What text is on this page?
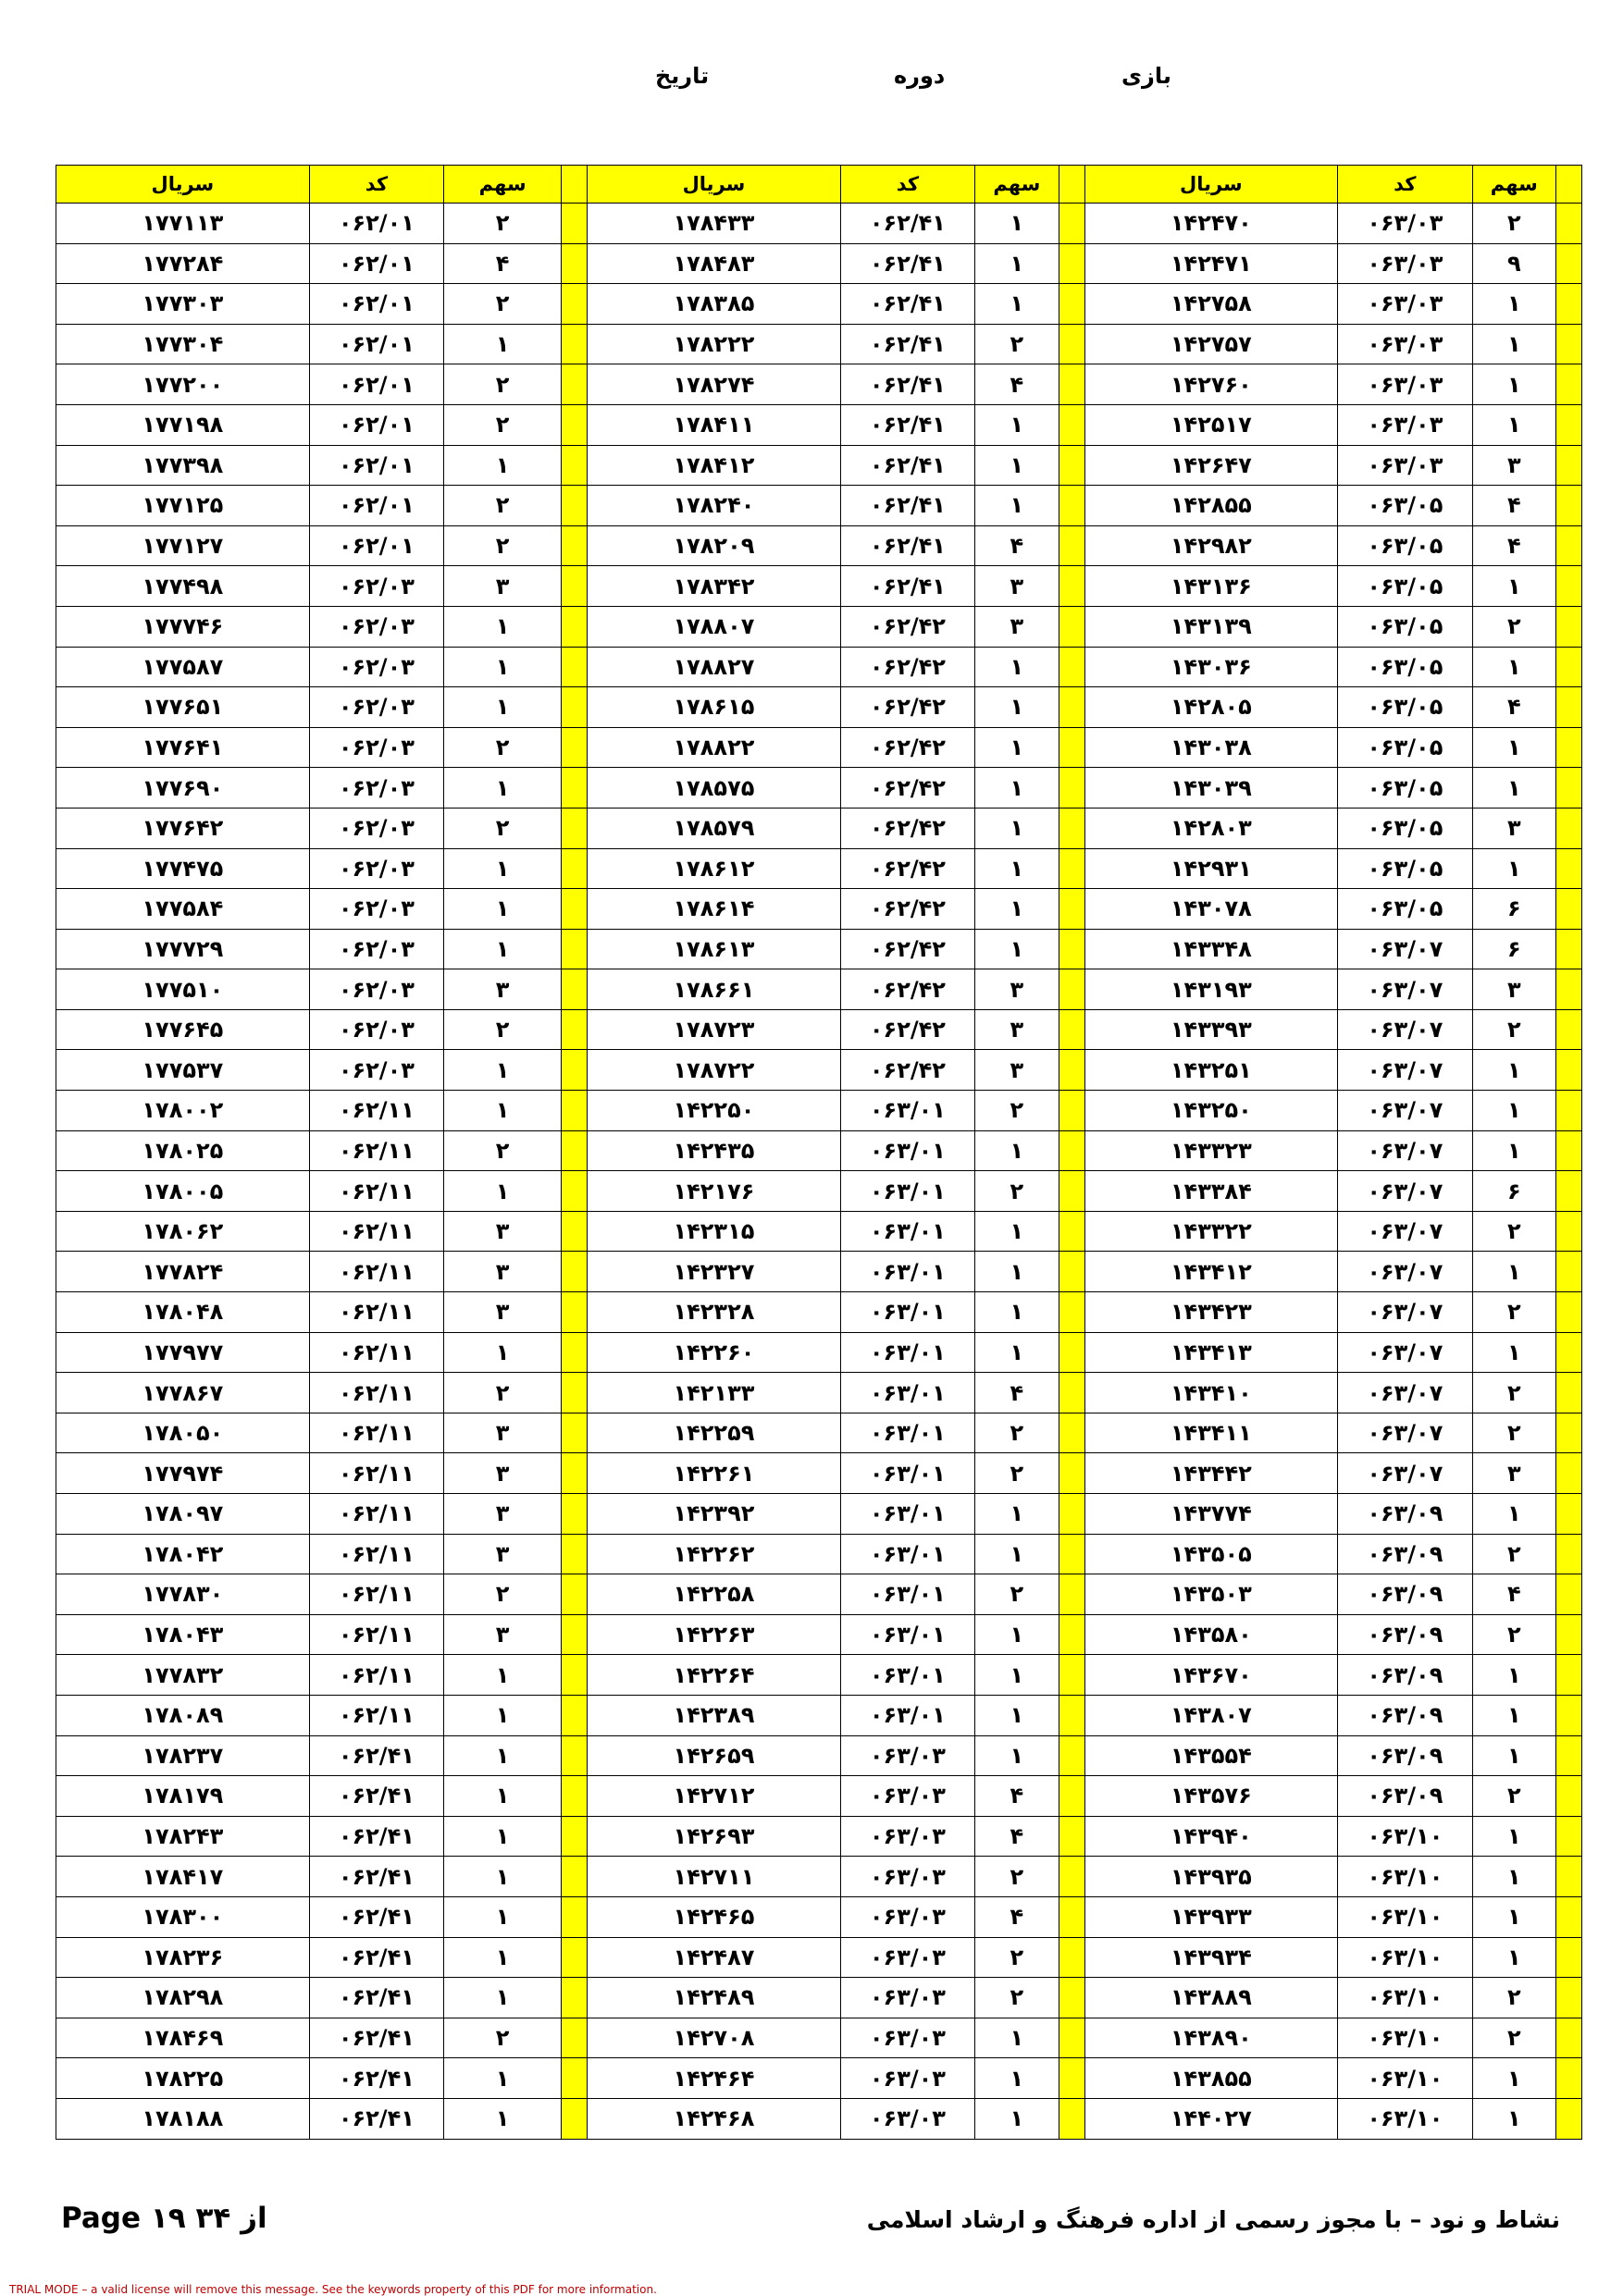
بازی
دوره
تاریخ
	سهم	کد	سریال		سهم	کد	سریال		سهم	کد	سریال
	۲	۰۶۳/۰۳	۱۴۲۴۷۰		۱	۰۶۲/۴۱	۱۷۸۴۳۳		۲	۰۶۲/۰۱	۱۷۷۱۱۳
	۹	۰۶۳/۰۳	۱۴۲۴۷۱		۱	۰۶۲/۴۱	۱۷۸۴۸۳		۴	۰۶۲/۰۱	۱۷۷۲۸۴
	۱	۰۶۳/۰۳	۱۴۲۷۵۸		۱	۰۶۲/۴۱	۱۷۸۳۸۵		۲	۰۶۲/۰۱	۱۷۷۳۰۳
	۱	۰۶۳/۰۳	۱۴۲۷۵۷		۲	۰۶۲/۴۱	۱۷۸۲۲۲		۱	۰۶۲/۰۱	۱۷۷۳۰۴
	۱	۰۶۳/۰۳	۱۴۲۷۶۰		۴	۰۶۲/۴۱	۱۷۸۲۷۴		۲	۰۶۲/۰۱	۱۷۷۲۰۰
	۱	۰۶۳/۰۳	۱۴۲۵۱۷		۱	۰۶۲/۴۱	۱۷۸۴۱۱		۲	۰۶۲/۰۱	۱۷۷۱۹۸
	۳	۰۶۳/۰۳	۱۴۲۶۴۷		۱	۰۶۲/۴۱	۱۷۸۴۱۲		۱	۰۶۲/۰۱	۱۷۷۳۹۸
	۴	۰۶۳/۰۵	۱۴۲۸۵۵		۱	۰۶۲/۴۱	۱۷۸۲۴۰		۲	۰۶۲/۰۱	۱۷۷۱۲۵
	۴	۰۶۳/۰۵	۱۴۲۹۸۲		۴	۰۶۲/۴۱	۱۷۸۲۰۹		۲	۰۶۲/۰۱	۱۷۷۱۲۷
	۱	۰۶۳/۰۵	۱۴۳۱۳۶		۳	۰۶۲/۴۱	۱۷۸۳۴۲		۳	۰۶۲/۰۳	۱۷۷۴۹۸
	۲	۰۶۳/۰۵	۱۴۳۱۳۹		۳	۰۶۲/۴۲	۱۷۸۸۰۷		۱	۰۶۲/۰۳	۱۷۷۷۴۶
	۱	۰۶۳/۰۵	۱۴۳۰۳۶		۱	۰۶۲/۴۲	۱۷۸۸۲۷		۱	۰۶۲/۰۳	۱۷۷۵۸۷
	۴	۰۶۳/۰۵	۱۴۲۸۰۵		۱	۰۶۲/۴۲	۱۷۸۶۱۵		۱	۰۶۲/۰۳	۱۷۷۶۵۱
	۱	۰۶۳/۰۵	۱۴۳۰۳۸		۱	۰۶۲/۴۲	۱۷۸۸۲۲		۲	۰۶۲/۰۳	۱۷۷۶۴۱
	۱	۰۶۳/۰۵	۱۴۳۰۳۹		۱	۰۶۲/۴۲	۱۷۸۵۷۵		۱	۰۶۲/۰۳	۱۷۷۶۹۰
	۳	۰۶۳/۰۵	۱۴۲۸۰۳		۱	۰۶۲/۴۲	۱۷۸۵۷۹		۲	۰۶۲/۰۳	۱۷۷۶۴۲
	۱	۰۶۳/۰۵	۱۴۲۹۳۱		۱	۰۶۲/۴۲	۱۷۸۶۱۲		۱	۰۶۲/۰۳	۱۷۷۴۷۵
	۶	۰۶۳/۰۵	۱۴۳۰۷۸		۱	۰۶۲/۴۲	۱۷۸۶۱۴		۱	۰۶۲/۰۳	۱۷۷۵۸۴
	۶	۰۶۳/۰۷	۱۴۳۳۴۸		۱	۰۶۲/۴۲	۱۷۸۶۱۳		۱	۰۶۲/۰۳	۱۷۷۷۲۹
	۳	۰۶۳/۰۷	۱۴۳۱۹۳		۳	۰۶۲/۴۲	۱۷۸۶۶۱		۳	۰۶۲/۰۳	۱۷۷۵۱۰
	۲	۰۶۳/۰۷	۱۴۳۳۹۳		۳	۰۶۲/۴۲	۱۷۸۷۲۳		۲	۰۶۲/۰۳	۱۷۷۶۴۵
	۱	۰۶۳/۰۷	۱۴۳۲۵۱		۳	۰۶۲/۴۲	۱۷۸۷۲۲		۱	۰۶۲/۰۳	۱۷۷۵۳۷
	۱	۰۶۳/۰۷	۱۴۳۲۵۰		۲	۰۶۳/۰۱	۱۴۲۲۵۰		۱	۰۶۲/۱۱	۱۷۸۰۰۲
	۱	۰۶۳/۰۷	۱۴۳۳۲۳		۱	۰۶۳/۰۱	۱۴۲۴۳۵		۲	۰۶۲/۱۱	۱۷۸۰۲۵
	۶	۰۶۳/۰۷	۱۴۳۳۸۴		۲	۰۶۳/۰۱	۱۴۲۱۷۶		۱	۰۶۲/۱۱	۱۷۸۰۰۵
	۲	۰۶۳/۰۷	۱۴۳۳۲۲		۱	۰۶۳/۰۱	۱۴۲۳۱۵		۳	۰۶۲/۱۱	۱۷۸۰۶۲
	۱	۰۶۳/۰۷	۱۴۳۴۱۲		۱	۰۶۳/۰۱	۱۴۲۳۲۷		۳	۰۶۲/۱۱	۱۷۷۸۲۴
	۲	۰۶۳/۰۷	۱۴۳۴۲۳		۱	۰۶۳/۰۱	۱۴۲۳۲۸		۳	۰۶۲/۱۱	۱۷۸۰۴۸
	۱	۰۶۳/۰۷	۱۴۳۴۱۳		۱	۰۶۳/۰۱	۱۴۲۲۶۰		۱	۰۶۲/۱۱	۱۷۷۹۷۷
	۲	۰۶۳/۰۷	۱۴۳۴۱۰		۴	۰۶۳/۰۱	۱۴۲۱۳۳		۲	۰۶۲/۱۱	۱۷۷۸۶۷
	۲	۰۶۳/۰۷	۱۴۳۴۱۱		۲	۰۶۳/۰۱	۱۴۲۲۵۹		۳	۰۶۲/۱۱	۱۷۸۰۵۰
	۳	۰۶۳/۰۷	۱۴۳۴۴۲		۲	۰۶۳/۰۱	۱۴۲۲۶۱		۳	۰۶۲/۱۱	۱۷۷۹۷۴
	۱	۰۶۳/۰۹	۱۴۳۷۷۴		۱	۰۶۳/۰۱	۱۴۲۳۹۲		۳	۰۶۲/۱۱	۱۷۸۰۹۷
	۲	۰۶۳/۰۹	۱۴۳۵۰۵		۱	۰۶۳/۰۱	۱۴۲۲۶۲		۳	۰۶۲/۱۱	۱۷۸۰۴۲
	۴	۰۶۳/۰۹	۱۴۳۵۰۳		۲	۰۶۳/۰۱	۱۴۲۲۵۸		۲	۰۶۲/۱۱	۱۷۷۸۳۰
	۲	۰۶۳/۰۹	۱۴۳۵۸۰		۱	۰۶۳/۰۱	۱۴۲۲۶۳		۳	۰۶۲/۱۱	۱۷۸۰۴۳
	۱	۰۶۳/۰۹	۱۴۳۶۷۰		۱	۰۶۳/۰۱	۱۴۲۲۶۴		۱	۰۶۲/۱۱	۱۷۷۸۳۲
	۱	۰۶۳/۰۹	۱۴۳۸۰۷		۱	۰۶۳/۰۱	۱۴۲۳۸۹		۱	۰۶۲/۱۱	۱۷۸۰۸۹
	۱	۰۶۳/۰۹	۱۴۳۵۵۴		۱	۰۶۳/۰۳	۱۴۲۶۵۹		۱	۰۶۲/۴۱	۱۷۸۲۳۷
	۲	۰۶۳/۰۹	۱۴۳۵۷۶		۴	۰۶۳/۰۳	۱۴۲۷۱۲		۱	۰۶۲/۴۱	۱۷۸۱۷۹
	۱	۰۶۳/۱۰	۱۴۳۹۴۰		۴	۰۶۳/۰۳	۱۴۲۶۹۳		۱	۰۶۲/۴۱	۱۷۸۲۴۳
	۱	۰۶۳/۱۰	۱۴۳۹۳۵		۲	۰۶۳/۰۳	۱۴۲۷۱۱		۱	۰۶۲/۴۱	۱۷۸۴۱۷
	۱	۰۶۳/۱۰	۱۴۳۹۳۳		۴	۰۶۳/۰۳	۱۴۲۴۶۵		۱	۰۶۲/۴۱	۱۷۸۳۰۰
	۱	۰۶۳/۱۰	۱۴۳۹۳۴		۲	۰۶۳/۰۳	۱۴۲۴۸۷		۱	۰۶۲/۴۱	۱۷۸۲۳۶
	۲	۰۶۳/۱۰	۱۴۳۸۸۹		۲	۰۶۳/۰۳	۱۴۲۴۸۹		۱	۰۶۲/۴۱	۱۷۸۲۹۸
	۲	۰۶۳/۱۰	۱۴۳۸۹۰		۱	۰۶۳/۰۳	۱۴۲۷۰۸		۲	۰۶۲/۴۱	۱۷۸۴۶۹
	۱	۰۶۳/۱۰	۱۴۳۸۵۵		۱	۰۶۳/۰۳	۱۴۲۴۶۴		۱	۰۶۲/۴۱	۱۷۸۲۲۵
	۱	۰۶۳/۱۰	۱۴۴۰۲۷		۱	۰۶۳/۰۳	۱۴۲۴۶۸		۱	۰۶۲/۴۱	۱۷۸۱۸۸
Page ۱۹ ۳۴ از	نشاط و نود – با مجوز رسمی از اداره فرهنگ و ارشاد اسلامی
TRIAL MODE – a valid license will remove this message. See the keywords property of this PDF for more information.
